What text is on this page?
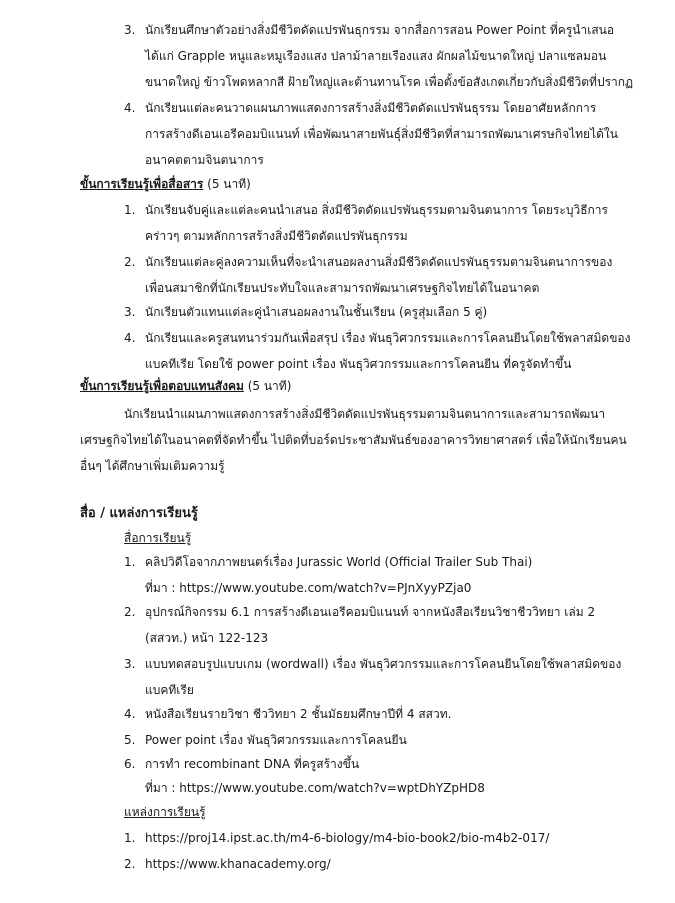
3. นักเรียนศึกษาตัวอย่างสิ่งมีชีวิตดัดแปรพันธุกรรม จากสื่อการสอน Power Point ที่ครูนำเสนอ
ได้แก่ Grapple หนูและหมูเรืองแสง ปลาม้าลายเรืองแสง ผักผลไม้ขนาดใหญ่ ปลาแซลมอน
ขนาดใหญ่ ข้าวโพดหลากสี ฝ้ายใหญ่และต้านทานโรค เพื่อตั้งข้อสังเกตเกี่ยวกับสิ่งมีชีวิตที่ปรากฏ
4. นักเรียนแต่ละคนวาดแผนภาพแสดงการสร้างสิ่งมีชีวิตดัดแปรพันธุรรม โดยอาศัยหลักการ
การสร้างดีเอนเอรีคอมบิแนนท์ เพื่อพัฒนาสายพันธุ์สิ่งมีชีวิตที่สามารถพัฒนาเศรษกิจไทยได้ใน
อนาคตตามจินตนาการ
ขั้นการเรียนรู้เพื่อสื่อสาร (5 นาที)
1. นักเรียนจับคู่และแต่ละคนนำเสนอ สิ่งมีชีวิตดัดแปรพันธุรรมตามจินตนาการ โดยระบุวิธีการ
คร่าวๆ ตามหลักการสร้างสิ่งมีชีวิตดัดแปรพันธุกรรม
2. นักเรียนแต่ละคู่ลงความเห็นที่จะนำเสนอผลงานสิ่งมีชีวิตดัดแปรพันธุรรมตามจินตนาการของ
เพื่อนสมาชิกที่นักเรียนประทับใจและสามารถพัฒนาเศรษฐกิจไทยได้ในอนาคต
3. นักเรียนตัวแทนแต่ละคู่นำเสนอผลงานในชั้นเรียน (ครูสุ่มเลือก 5 คู่)
4. นักเรียนและครูสนทนาร่วมกันเพื่อสรุป เรื่อง พันธุวิศวกรรมและการโคลนยีนโดยใช้พลาสมิดของ
แบคทีเรีย โดยใช้ power point เรื่อง พันธุวิศวกรรมและการโคลนยีน ที่ครูจัดทำขึ้น
ขั้นการเรียนรู้เพื่อตอบแทนสังคม (5 นาที)
นักเรียนนำแผนภาพแสดงการสร้างสิ่งมีชีวิตดัดแปรพันธุรรมตามจินตนาการและสามารถพัฒนา
เศรษฐกิจไทยได้ในอนาคตที่จัดทำขึ้น ไปติดที่บอร์ดประชาสัมพันธ์ของอาคารวิทยาศาสตร์ เพื่อให้นักเรียนคน
อื่นๆ ได้ศึกษาเพิ่มเติมความรู้
สื่อ / แหล่งการเรียนรู้
สื่อการเรียนรู้
1. คลิปวิดีโอจากภาพยนตร์เรื่อง Jurassic World (Official Trailer Sub Thai)
ที่มา : https://www.youtube.com/watch?v=PJnXyyPZja0
2. อุปกรณ์กิจกรรม 6.1 การสร้างดีเอนเอรีคอมบิแนนท์ จากหนังสือเรียนวิชาชีววิทยา เล่ม 2
(สสวท.) หน้า 122-123
3. แบบทดสอบรูปแบบเกม (wordwall) เรื่อง พันธุวิศวกรรมและการโคลนยีนโดยใช้พลาสมิดของ
แบคทีเรีย
4. หนังสือเรียนรายวิชา ชีววิทยา 2 ชั้นมัธยมศึกษาปีที่ 4 สสวท.
5. Power point เรื่อง พันธุวิศวกรรมและการโคลนยีน
6. การทำ recombinant DNA ที่ครูสร้างขึ้น
ที่มา : https://www.youtube.com/watch?v=wptDhYZpHD8
แหล่งการเรียนรู้
1. https://proj14.ipst.ac.th/m4-6-biology/m4-bio-book2/bio-m4b2-017/
2. https://www.khanacademy.org/
